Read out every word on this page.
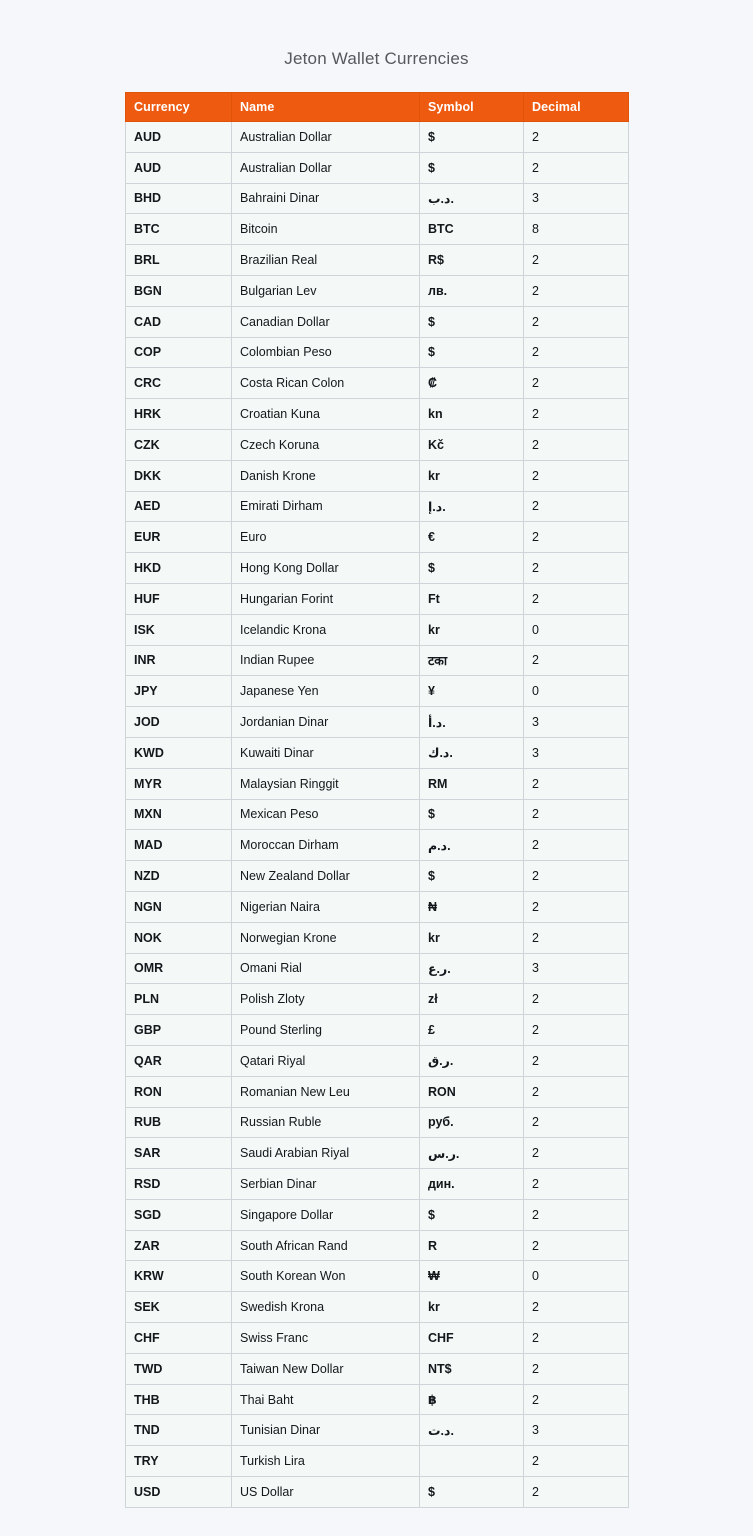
Jeton Wallet Currencies
Currency	Name	Symbol	Decimal
AUD	Australian Dollar	$	2
AUD	Australian Dollar	$	2
BHD	Bahraini Dinar	د.ب.	3
BTC	Bitcoin	BTC	8
BRL	Brazilian Real	R$	2
BGN	Bulgarian Lev	лв.	2
CAD	Canadian Dollar	$	2
COP	Colombian Peso	$	2
CRC	Costa Rican Colon	₡	2
HRK	Croatian Kuna	kn	2
CZK	Czech Koruna	Kč	2
DKK	Danish Krone	kr	2
AED	Emirati Dirham	د.إ.	2
EUR	Euro	€	2
HKD	Hong Kong Dollar	$	2
HUF	Hungarian Forint	Ft	2
ISK	Icelandic Krona	kr	0
INR	Indian Rupee	टका	2
JPY	Japanese Yen	¥	0
JOD	Jordanian Dinar	د.أ.	3
KWD	Kuwaiti Dinar	د.ك.	3
MYR	Malaysian Ringgit	RM	2
MXN	Mexican Peso	$	2
MAD	Moroccan Dirham	د.م.	2
NZD	New Zealand Dollar	$	2
NGN	Nigerian Naira	₦	2
NOK	Norwegian Krone	kr	2
OMR	Omani Rial	ر.ع.	3
PLN	Polish Zloty	zł	2
GBP	Pound Sterling	£	2
QAR	Qatari Riyal	ر.ق.	2
RON	Romanian New Leu	RON	2
RUB	Russian Ruble	руб.	2
SAR	Saudi Arabian Riyal	ر.س.	2
RSD	Serbian Dinar	дин.	2
SGD	Singapore Dollar	$	2
ZAR	South African Rand	R	2
KRW	South Korean Won	₩	0
SEK	Swedish Krona	kr	2
CHF	Swiss Franc	CHF	2
TWD	Taiwan New Dollar	NT$	2
THB	Thai Baht	฿	2
TND	Tunisian Dinar	د.ت.	3
TRY	Turkish Lira		2
USD	US Dollar	$	2
